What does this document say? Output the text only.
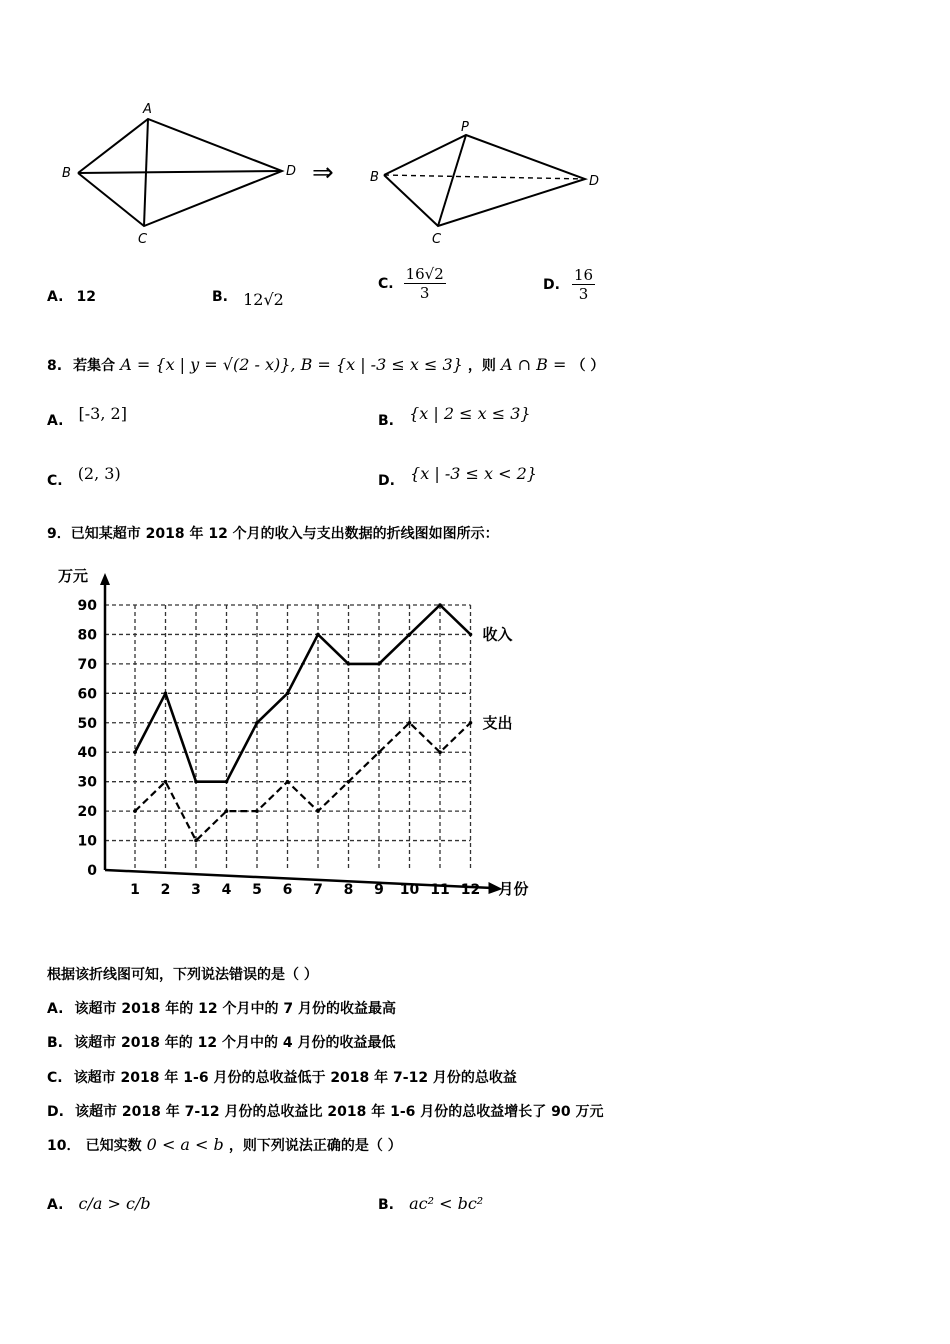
A
B
C
D ⇒
P
B
C
D
A. 12	B. 12√2
C. $\frac{16√2}{3}$	D. $\frac{16}{3}$
8. 若集合 A = {x | y = √(2 - x)}, B = {x | -3 ≤ x ≤ 3} ，则 A ∩ B = （ ）
A. [-3, 2]	B. {x | 2 ≤ x ≤ 3}
C. (2, 3)	D. {x | -3 ≤ x < 2}
9．已知某超市 2018 年 12 个月的收入与支出数据的折线图如图所示：
0
10
20
30
40
50
60
70
80
90
1 2 3 4 5 6 7 8 9 10 11 12
万元
月份
收入
支出
根据该折线图可知，下列说法错误的是（ ）
A. 该超市 2018 年的 12 个月中的 7 月份的收益最高
B. 该超市 2018 年的 12 个月中的 4 月份的收益最低
C. 该超市 2018 年 1-6 月份的总收益低于 2018 年 7-12 月份的总收益
D. 该超市 2018 年 7-12 月份的总收益比 2018 年 1-6 月份的总收益增长了 90 万元
10． 已知实数 0 < a < b ，则下列说法正确的是（ ）
A. c/a > c/b	B. ac² < bc²
